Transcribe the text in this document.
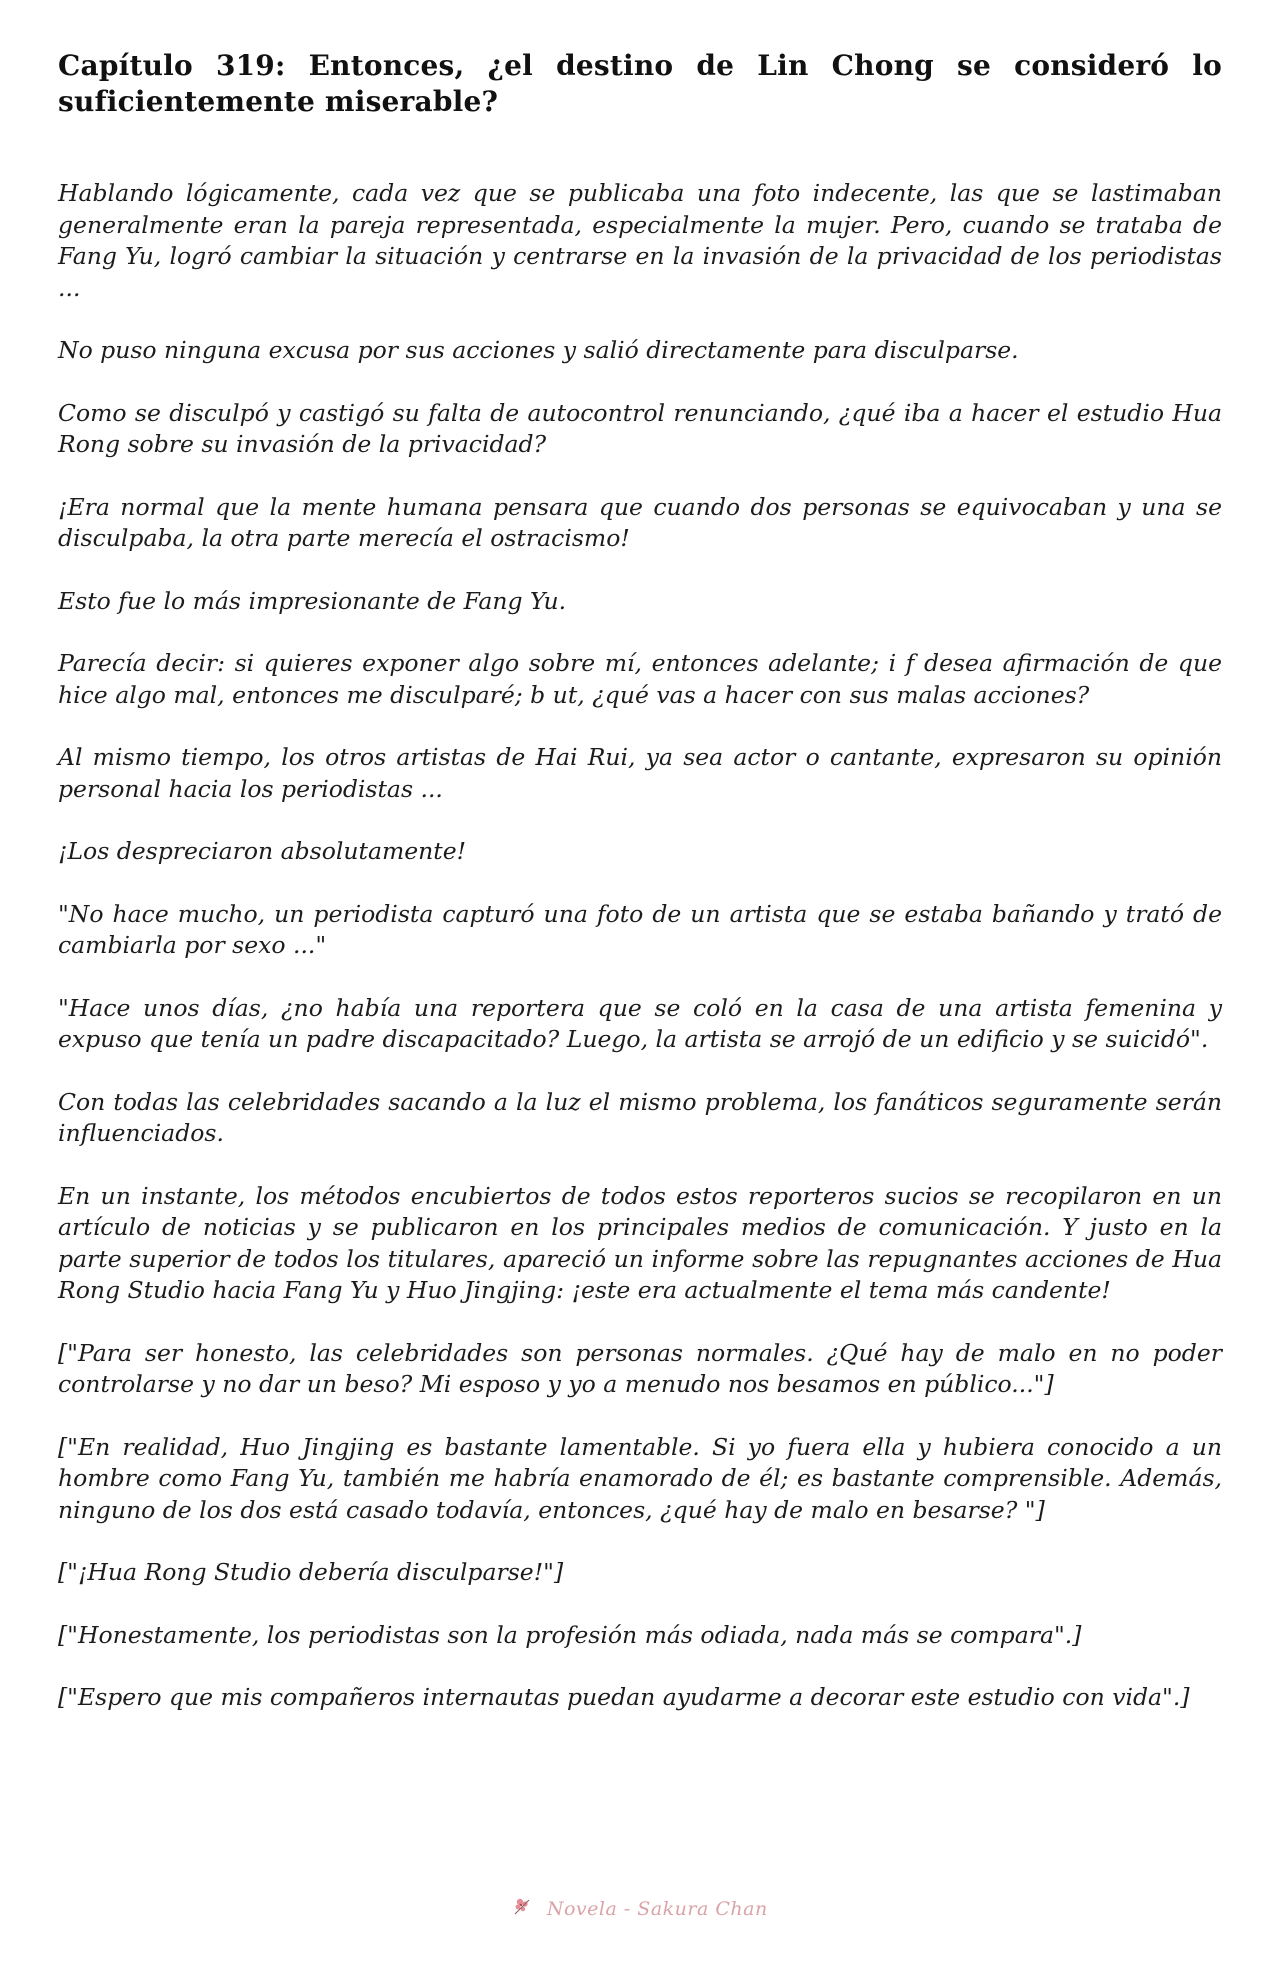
Capítulo 319: Entonces, ¿el destino de Lin Chong se consideró lo suficientemente miserable?

Hablando lógicamente, cada vez que se publicaba una foto indecente, las que se lastimaban generalmente eran la pareja representada, especialmente la mujer. Pero, cuando se trataba de Fang Yu, logró cambiar la situación y centrarse en la invasión de la privacidad de los periodistas ...

No puso ninguna excusa por sus acciones y salió directamente para disculparse.

Como se disculpó y castigó su falta de autocontrol renunciando, ¿qué iba a hacer el estudio Hua Rong sobre su invasión de la privacidad?

¡Era normal que la mente humana pensara que cuando dos personas se equivocaban y una se disculpaba, la otra parte merecía el ostracismo!

Esto fue lo más impresionante de Fang Yu.

Parecía decir: si quieres exponer algo sobre mí, entonces adelante; i f desea afirmación de que hice algo mal, entonces me disculparé; b ut, ¿qué vas a hacer con sus malas acciones?

Al mismo tiempo, los otros artistas de Hai Rui, ya sea actor o cantante, expresaron su opinión personal hacia los periodistas ...

¡Los despreciaron absolutamente!

"No hace mucho, un periodista capturó una foto de un artista que se estaba bañando y trató de cambiarla por sexo ..."

"Hace unos días, ¿no había una reportera que se coló en la casa de una artista femenina y expuso que tenía un padre discapacitado? Luego, la artista se arrojó de un edificio y se suicidó".

Con todas las celebridades sacando a la luz el mismo problema, los fanáticos seguramente serán influenciados.

En un instante, los métodos encubiertos de todos estos reporteros sucios se recopilaron en un artículo de noticias y se publicaron en los principales medios de comunicación. Y justo en la parte superior de todos los titulares, apareció un informe sobre las repugnantes acciones de Hua Rong Studio hacia Fang Yu y Huo Jingjing: ¡este era actualmente el tema más candente!

["Para ser honesto, las celebridades son personas normales. ¿Qué hay de malo en no poder controlarse y no dar un beso? Mi esposo y yo a menudo nos besamos en público..."]

["En realidad, Huo Jingjing es bastante lamentable. Si yo fuera ella y hubiera conocido a un hombre como Fang Yu, también me habría enamorado de él; es bastante comprensible. Además, ninguno de los dos está casado todavía, entonces, ¿qué hay de malo en besarse? "]

["¡Hua Rong Studio debería disculparse!"]

["Honestamente, los periodistas son la profesión más odiada, nada más se compara".]

["Espero que mis compañeros internautas puedan ayudarme a decorar este estudio con vida".]

Novela - Sakura Chan
